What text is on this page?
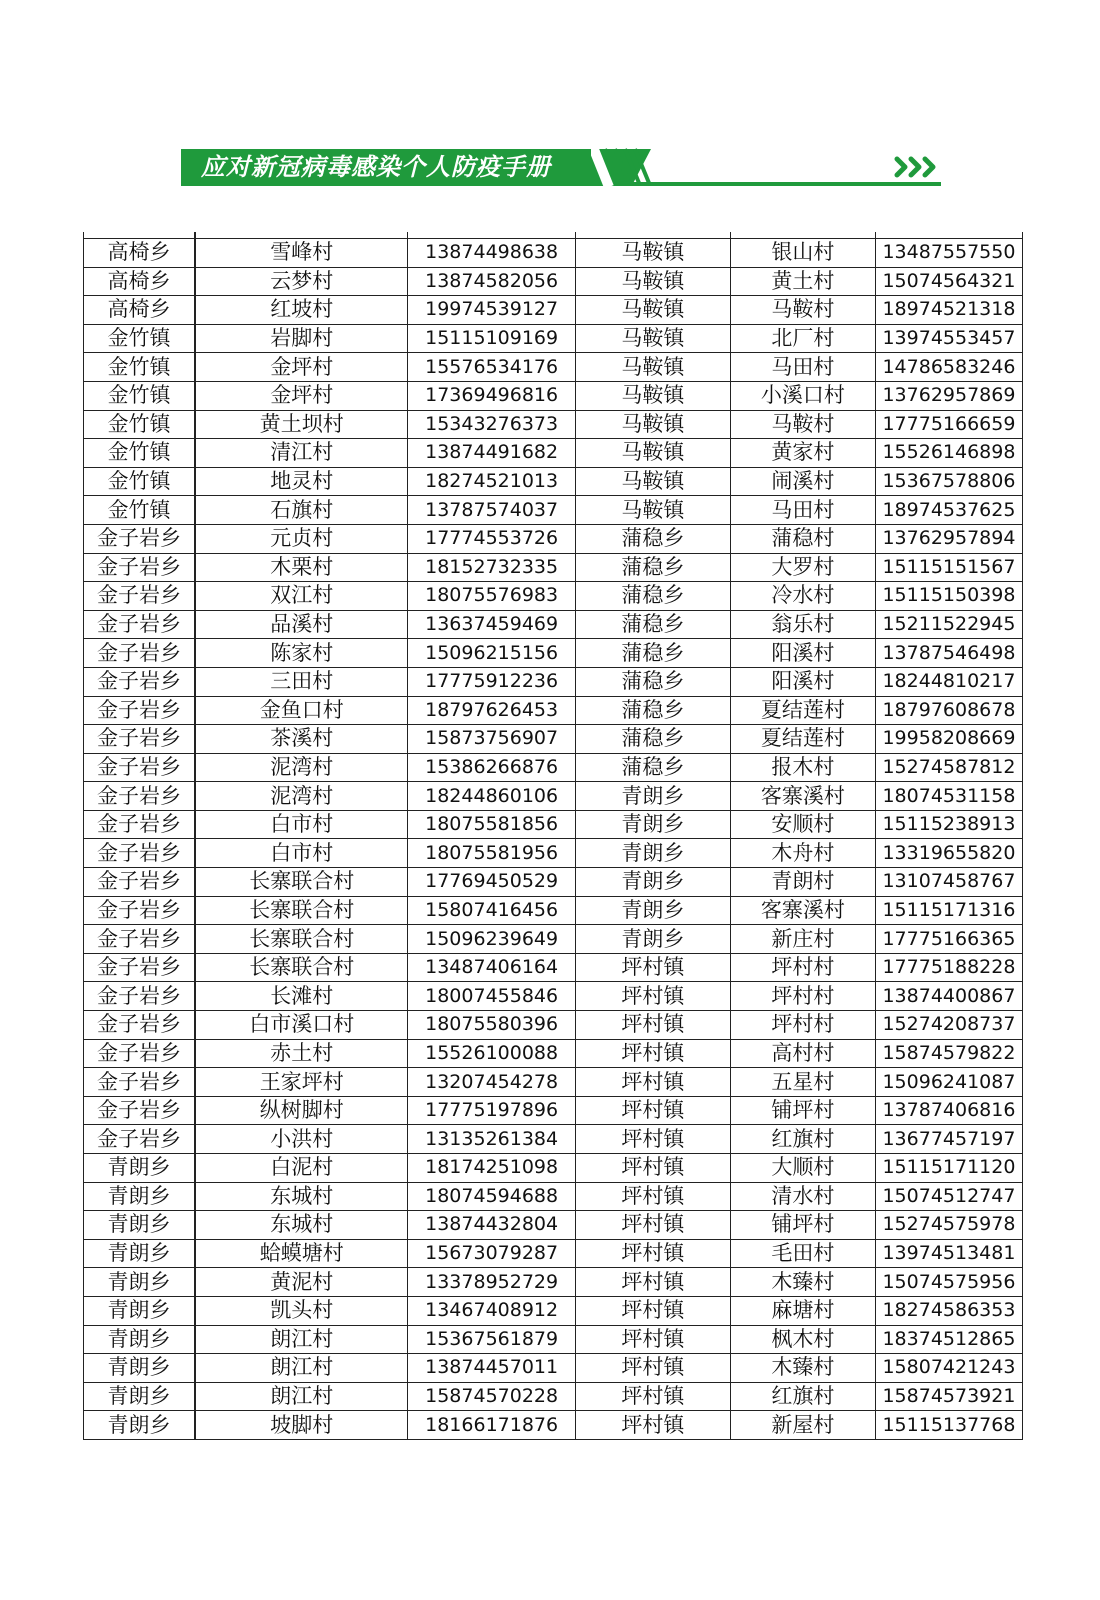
应对新冠病毒感染个人防疫手册

高椅乡	雪峰村	13874498638	马鞍镇	银山村	13487557550
高椅乡	云梦村	13874582056	马鞍镇	黄土村	15074564321
高椅乡	红坡村	19974539127	马鞍镇	马鞍村	18974521318
金竹镇	岩脚村	15115109169	马鞍镇	北厂村	13974553457
金竹镇	金坪村	15576534176	马鞍镇	马田村	14786583246
金竹镇	金坪村	17369496816	马鞍镇	小溪口村	13762957869
金竹镇	黄土坝村	15343276373	马鞍镇	马鞍村	17775166659
金竹镇	清江村	13874491682	马鞍镇	黄家村	15526146898
金竹镇	地灵村	18274521013	马鞍镇	闹溪村	15367578806
金竹镇	石旗村	13787574037	马鞍镇	马田村	18974537625
金子岩乡	元贞村	17774553726	蒲稳乡	蒲稳村	13762957894
金子岩乡	木栗村	18152732335	蒲稳乡	大罗村	15115151567
金子岩乡	双江村	18075576983	蒲稳乡	冷水村	15115150398
金子岩乡	品溪村	13637459469	蒲稳乡	翁乐村	15211522945
金子岩乡	陈家村	15096215156	蒲稳乡	阳溪村	13787546498
金子岩乡	三田村	17775912236	蒲稳乡	阳溪村	18244810217
金子岩乡	金鱼口村	18797626453	蒲稳乡	夏结莲村	18797608678
金子岩乡	茶溪村	15873756907	蒲稳乡	夏结莲村	19958208669
金子岩乡	泥湾村	15386266876	蒲稳乡	报木村	15274587812
金子岩乡	泥湾村	18244860106	青朗乡	客寨溪村	18074531158
金子岩乡	白市村	18075581856	青朗乡	安顺村	15115238913
金子岩乡	白市村	18075581956	青朗乡	木舟村	13319655820
金子岩乡	长寨联合村	17769450529	青朗乡	青朗村	13107458767
金子岩乡	长寨联合村	15807416456	青朗乡	客寨溪村	15115171316
金子岩乡	长寨联合村	15096239649	青朗乡	新庄村	17775166365
金子岩乡	长寨联合村	13487406164	坪村镇	坪村村	17775188228
金子岩乡	长滩村	18007455846	坪村镇	坪村村	13874400867
金子岩乡	白市溪口村	18075580396	坪村镇	坪村村	15274208737
金子岩乡	赤土村	15526100088	坪村镇	高村村	15874579822
金子岩乡	王家坪村	13207454278	坪村镇	五星村	15096241087
金子岩乡	纵树脚村	17775197896	坪村镇	铺坪村	13787406816
金子岩乡	小洪村	13135261384	坪村镇	红旗村	13677457197
青朗乡	白泥村	18174251098	坪村镇	大顺村	15115171120
青朗乡	东城村	18074594688	坪村镇	清水村	15074512747
青朗乡	东城村	13874432804	坪村镇	铺坪村	15274575978
青朗乡	蛤蟆塘村	15673079287	坪村镇	毛田村	13974513481
青朗乡	黄泥村	13378952729	坪村镇	木臻村	15074575956
青朗乡	凯头村	13467408912	坪村镇	麻塘村	18274586353
青朗乡	朗江村	15367561879	坪村镇	枫木村	18374512865
青朗乡	朗江村	13874457011	坪村镇	木臻村	15807421243
青朗乡	朗江村	15874570228	坪村镇	红旗村	15874573921
青朗乡	坡脚村	18166171876	坪村镇	新屋村	15115137768
